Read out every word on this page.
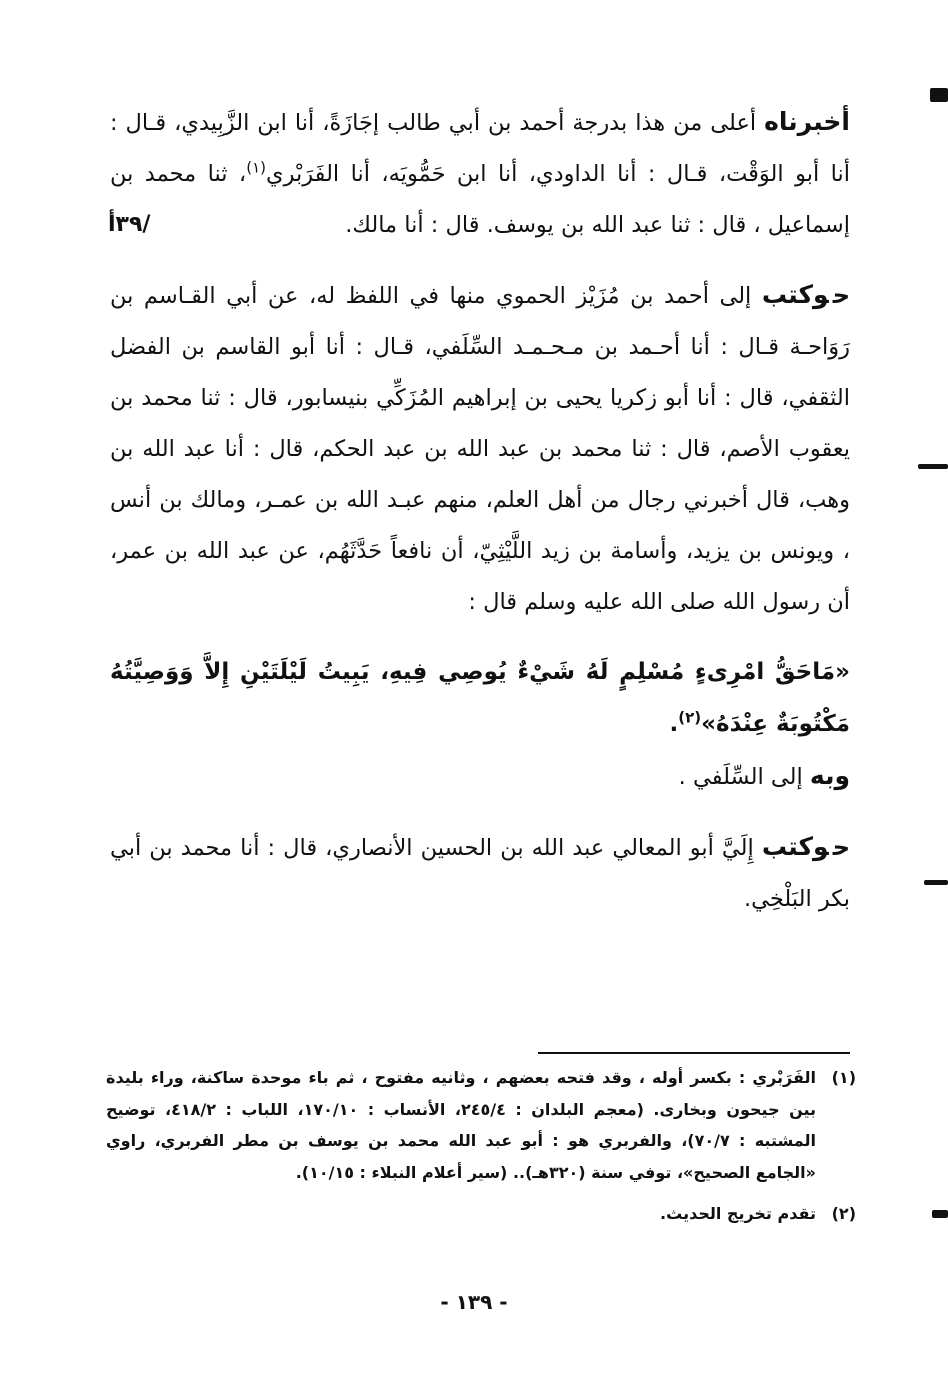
/٣٩أ

أخبرناه أعلى من هذا بدرجة أحمد بن أبي طالب إجَازَةً، أنا ابن الزَّبِيدي، قـال : أنا أبو الوَقْت، قـال : أنا الداودي، أنا ابن حَمُّويَه، أنا الفَرَبْري$^{(١)}$، ثنا محمد بن إسماعيل ، قال : ثنا عبد الله بن يوسف. قال : أنا مالك.

حوكتب إلى أحمد بن مُزَيْز الحموي منها في اللفظ له، عن أبي القـاسم بن رَوَاحـة قـال : أنا أحـمد بن مـحـمـد السِّلَفي، قـال : أنا أبو القاسم بن الفضل الثقفي، قال : أنا أبو زكريا يحيى بن إبراهيم المُزَكِّي بنيسابور، قال : ثنا محمد بن يعقوب الأصم، قال : ثنا محمد بن عبد الله بن عبد الحكم، قال : أنا عبد الله بن وهب، قال أخبرني رجال من أهل العلم، منهم عبـد الله بن عمـر، ومالك بن أنس ، ويونس بن يزيد، وأسامة بن زيد اللَّيْثِيّ، أن نافعاً حَدَّثَهُم، عن عبد الله بن عمر، أن رسول الله صلى الله عليه وسلم قال :

«مَاحَقُّ امْرِىءٍ مُسْلِمٍ لَهُ شَيْءٌ يُوصِي فِيهِ، يَبِيتُ لَيْلَتَيْنِ إِلاَّ وَوَصِيَّتُهُ مَكْتُوبَةٌ عِنْدَهُ»$^{(٢)}$.

وبه إلى السِّلَفي .

حوكتب إِلَيَّ أبو المعالي عبد الله بن الحسين الأنصاري، قال : أنا محمد بن أبي بكر البَلْخِي.

(١)
الفَرَبْري : بكسر أوله ، وقد فتحه بعضهم ، وثانيه مفتوح ، ثم باء موحدة ساكنة، وراء بليدة بين جيحون وبخارى. (معجم البلدان : ٢٤٥/٤، الأنساب : ١٧٠/١٠، اللباب : ٤١٨/٢، توضيح المشتبه : ٧٠/٧)، والفربري هو : أبو عبد الله محمد بن يوسف بن مطر الفربري، راوي «الجامع الصحيح»، توفي سنة (٣٢٠هـ).. (سير أعلام النبلاء : ١٠/١٥).
(٢)
تقدم تخريج الحديث.
- ١٣٩ -
